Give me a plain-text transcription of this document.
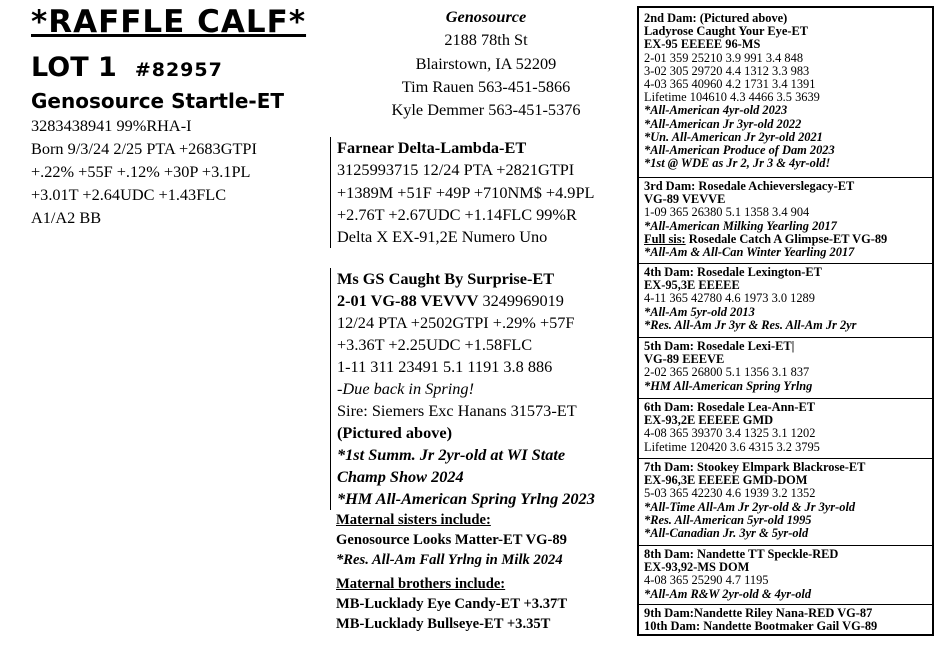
*RAFFLE CALF*
LOT 1 #82957
Genosource Startle-ET
3283438941 99%RHA-I
Born 9/3/24 2/25 PTA +2683GTPI
+.22% +55F +.12% +30P +3.1PL
+3.01T +2.64UDC +1.43FLC
A1/A2 BB
Genosource
2188 78th St
Blairstown, IA 52209
Tim Rauen 563-451-5866
Kyle Demmer 563-451-5376
Farnear Delta-Lambda-ET
3125993715 12/24 PTA +2821GTPI
+1389M +51F +49P +710NM$ +4.9PL
+2.76T +2.67UDC +1.14FLC 99%R
Delta X EX-91,2E Numero Uno
Ms GS Caught By Surprise-ET
2-01 VG-88 VEVVV 3249969019
12/24 PTA +2502GTPI +.29% +57F
+3.36T +2.25UDC +1.58FLC
1-11 311 23491 5.1 1191 3.8 886
-Due back in Spring!
Sire: Siemers Exc Hanans 31573-ET
(Pictured above)
*1st Summ. Jr 2yr-old at WI State
Champ Show 2024
*HM All-American Spring Yrlng 2023
Maternal sisters include:
Genosource Looks Matter-ET VG-89
*Res. All-Am Fall Yrlng in Milk 2024
Maternal brothers include:
MB-Lucklady Eye Candy-ET +3.37T
MB-Lucklady Bullseye-ET +3.35T
2nd Dam: (Pictured above)
Ladyrose Caught Your Eye-ET
EX-95 EEEEE 96-MS
2-01 359 25210 3.9 991 3.4 848
3-02 305 29720 4.4 1312 3.3 983
4-03 365 40960 4.2 1731 3.4 1391
Lifetime 104610 4.3 4466 3.5 3639
*All-American 4yr-old 2023
*All-American Jr 3yr-old 2022
*Un. All-American Jr 2yr-old 2021
*All-American Produce of Dam 2023
*1st @ WDE as Jr 2, Jr 3 & 4yr-old!
3rd Dam: Rosedale Achieverslegacy-ET
VG-89 VEVVE
1-09 365 26380 5.1 1358 3.4 904
*All-American Milking Yearling 2017
Full sis: Rosedale Catch A Glimpse-ET VG-89
*All-Am & All-Can Winter Yearling 2017
4th Dam: Rosedale Lexington-ET
EX-95,3E EEEEE
4-11 365 42780 4.6 1973 3.0 1289
*All-Am 5yr-old 2013
*Res. All-Am Jr 3yr & Res. All-Am Jr 2yr
5th Dam: Rosedale Lexi-ET|
VG-89 EEEVE
2-02 365 26800 5.1 1356 3.1 837
*HM All-American Spring Yrlng
6th Dam: Rosedale Lea-Ann-ET
EX-93,2E EEEEE GMD
4-08 365 39370 3.4 1325 3.1 1202
Lifetime 120420 3.6 4315 3.2 3795
7th Dam: Stookey Elmpark Blackrose-ET
EX-96,3E EEEEE GMD-DOM
5-03 365 42230 4.6 1939 3.2 1352
*All-Time All-Am Jr 2yr-old & Jr 3yr-old
*Res. All-American 5yr-old 1995
*All-Canadian Jr. 3yr & 5yr-old
8th Dam: Nandette TT Speckle-RED
EX-93,92-MS DOM
4-08 365 25290 4.7 1195
*All-Am R&W 2yr-old & 4yr-old
9th Dam:Nandette Riley Nana-RED VG-87
10th Dam: Nandette Bootmaker Gail VG-89
